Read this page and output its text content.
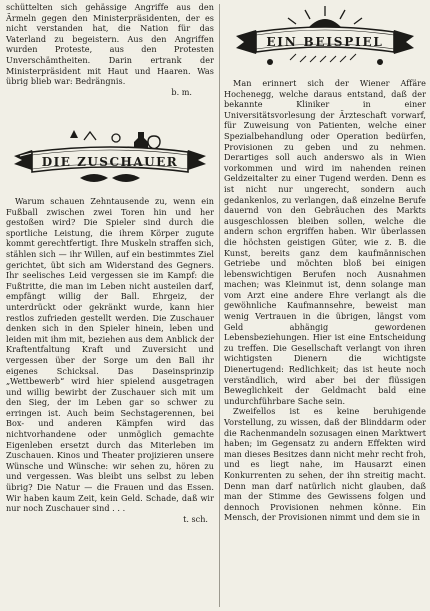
schüttelten sich gehässige Angriffe aus den Ärmeln gegen den Ministerpräsidenten, der es nicht verstanden hat, die Nation für das Vaterland zu begeistern. Aus den Angriffen wurden Proteste, aus den Protesten Unverschämtheiten. Darin ertrank der Ministerpräsident mit Haut und Haaren. Was übrig blieb war: Bedrängnis.

b. m.

DIE ZUSCHAUER

Warum schauen Zehntausende zu, wenn ein Fußball zwischen zwei Toren hin und her gestoßen wird? Die Spieler sind durch die sportliche Leistung, die ihrem Körper zugute kommt gerechtfertigt. Ihre Muskeln straffen sich, stählen sich — ihr Willen, auf ein bestimmtes Ziel gerichtet, übt sich am Widerstand des Gegners. Ihr seelisches Leid vergessen sie im Kampf: die Fußtritte, die man im Leben nicht austeilen darf, empfängt willig der Ball. Ehrgeiz, der unterdrückt oder gekränkt wurde, kann hier restlos zufrieden gestellt werden. Die Zuschauer denken sich in den Spieler hinein, leben und leiden mit ihm mit, beziehen aus dem Anblick der Kraftentfaltung Kraft und Zuversicht und vergessen über der Sorge um den Ball ihr eigenes Schicksal. Das Daseinsprinzip „Wettbewerb“ wird hier spielend ausgetragen und willig bewirbt der Zuschauer sich mit um den Sieg, der im Leben gar so schwer zu erringen ist. Auch beim Sechstagerennen, bei Box- und anderen Kämpfen wird das nichtvorhandene oder unmöglich gemachte Eigenleben ersetzt durch das Miterleben im Zuschauen. Kinos und Theater projizieren unsere Wünsche und Wünsche: wir sehen zu, hören zu und vergessen. Was bleibt uns selbst zu leben übrig? Die Natur — die Frauen und das Essen. Wir haben kaum Zeit, kein Geld. Schade, daß wir nur noch Zuschauer sind . . .

t. sch.

EIN BEISPIEL

Man erinnert sich der Wiener Affäre Hochenegg, welche daraus entstand, daß der bekannte Kliniker in einer Universitätsvorlesung der Ärzteschaft vorwarf, für Zuweisung von Patienten, welche einer Spezialbehandlung oder Operation bedürfen, Provisionen zu geben und zu nehmen. Derartiges soll auch anderswo als in Wien vorkommen und wird im nahenden reinen Geldzeitalter zu einer Tugend werden. Denn es ist nicht nur ungerecht, sondern auch gedankenlos, zu verlangen, daß einzelne Berufe dauernd von den Gebräuchen des Markts ausgeschlossen bleiben sollen, welche die andern schon ergriffen haben. Wir überlassen die höchsten geistigen Güter, wie z. B. die Kunst, bereits ganz dem kaufmännischen Getriebe und möchten bloß bei einigen lebenswichtigen Berufen noch Ausnahmen machen; was Kleinmut ist, denn solange man vom Arzt eine andere Ehre verlangt als die gewöhnliche Kaufmannsehre, beweist man wenig Vertrauen in die übrigen, längst vom Geld abhängig gewordenen Lebensbeziehungen. Hier ist eine Entscheidung zu treffen. Die Gesellschaft verlangt von ihren wichtigsten Dienern die wichtigste Dienertugend: Redlichkeit; das ist heute noch verständlich, wird aber bei der flüssigen Beweglichkeit der Geldmacht bald eine undurchführbare Sache sein.

Zweifellos ist es keine beruhigende Vorstellung, zu wissen, daß der Blinddarm oder die Rachenmandeln sozusagen einen Marktwert haben; im Gegensatz zu andern Effekten wird man dieses Besitzes dann nicht mehr recht froh, und es liegt nahe, im Hausarzt einen Konkurrenten zu sehen, der ihn streitig macht. Denn man darf natürlich nicht glauben, daß man der Stimme des Gewissens folgen und dennoch Provisionen nehmen könne. Ein Mensch, der Provisionen nimmt und dem sie in
